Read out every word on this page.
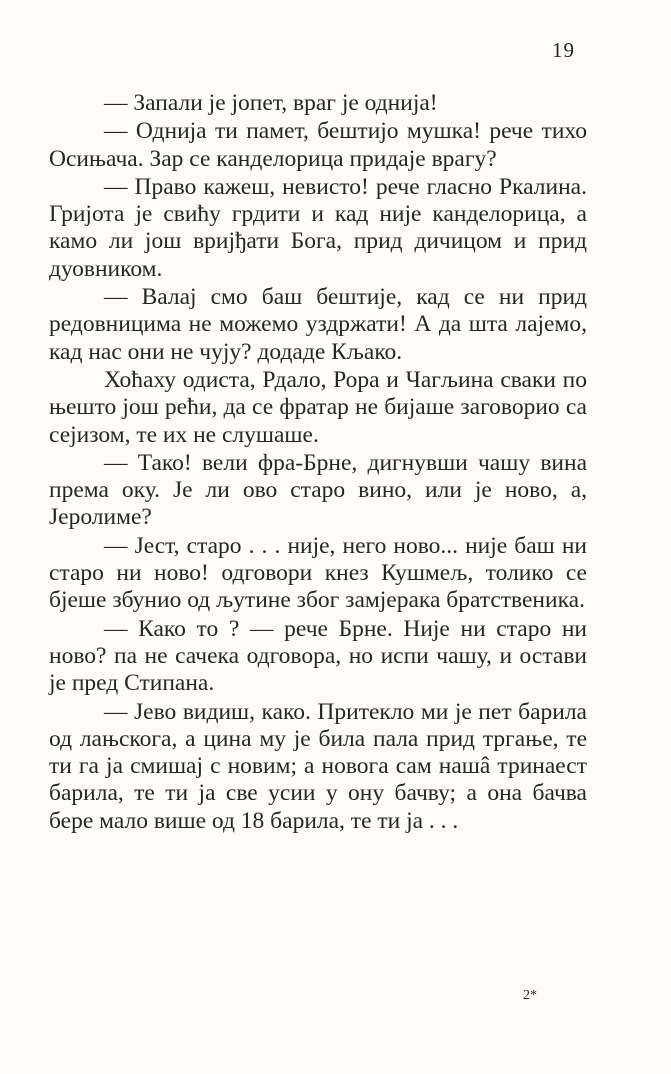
19

— Запали је јопет, враг је однија!

— Однија ти памет, бештијо мушка! рече тихо Осињача. Зар се канделорица придаје врагу?

— Право кажеш, невисто! рече гласно Ркалина. Гријота је свићу грдити и кад није канделорица, а камо ли још вријђати Бога, прид дичицом и прид дуовником.

— Валај смо баш бештије, кад се ни прид редовницима не можемо уздржати! А да шта лајемо, кад нас они не чују? додаде Кљако.

Хоћаху одиста, Рдало, Рора и Чагљина сваки по њешто још рећи, да се фратар не бијаше заговорио са сејизом, те их не слушаше.

— Тако! вели фра-Брне, дигнувши чашу вина према оку. Је ли ово старо вино, или је ново, а, Јеролиме?

— Јест, старо . . . није, него ново... није баш ни старо ни ново! одговори кнез Кушмељ, толико се бјеше збунио од љутине због замјерака братственика.

— Како то ? — рече Брне. Није ни старо ни ново? па не сачека одговора, но испи чашу, и остави је пред Стипана.

— Јево видиш, како. Притекло ми је пет барила од лањскога, а цина му је била пала прид тргање, те ти га ја смишај с новим; а новога сам нашâ тринаест барила, те ти ја све усии у ону бачву; а она бачва бере мало више од 18 барила, те ти ја . . .

2*
